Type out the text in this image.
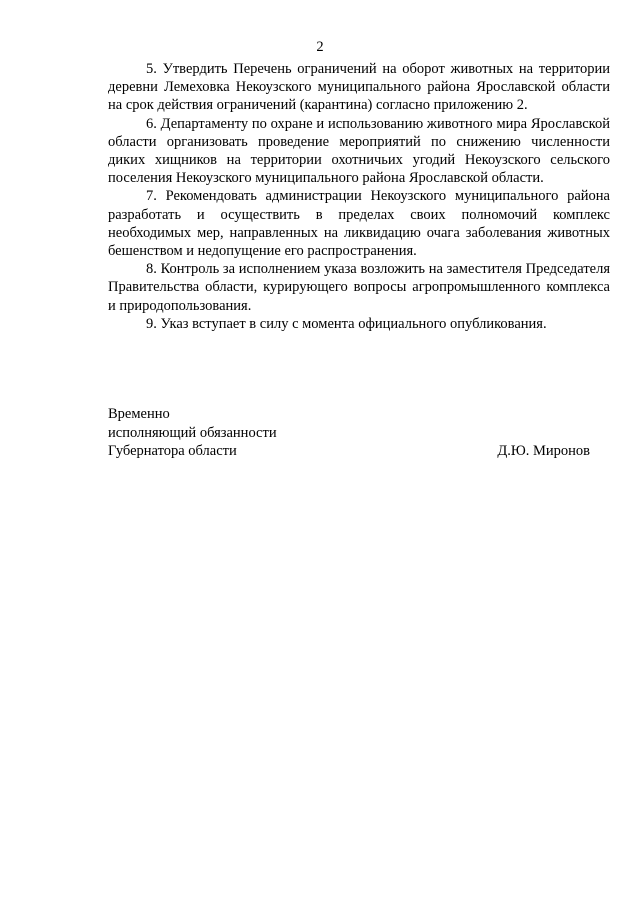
2

5. Утвердить Перечень ограничений на оборот животных на территории деревни Лемеховка Некоузского муниципального района Ярославской области на срок действия ограничений (карантина) согласно приложению 2.

6. Департаменту по охране и использованию животного мира Ярославской области организовать проведение мероприятий по снижению численности диких хищников на территории охотничьих угодий Некоузского сельского поселения Некоузского муниципального района Ярославской области.

7. Рекомендовать администрации Некоузского муниципального района разработать и осуществить в пределах своих полномочий комплекс необходимых мер, направленных на ликвидацию очага заболевания животных бешенством и недопущение его распространения.

8. Контроль за исполнением указа возложить на заместителя Председателя Правительства области, курирующего вопросы агропромышленного комплекса и природопользования.

9. Указ вступает в силу с момента официального опубликования.

Временно
исполняющий обязанности
Губернатора области	Д.Ю. Миронов
